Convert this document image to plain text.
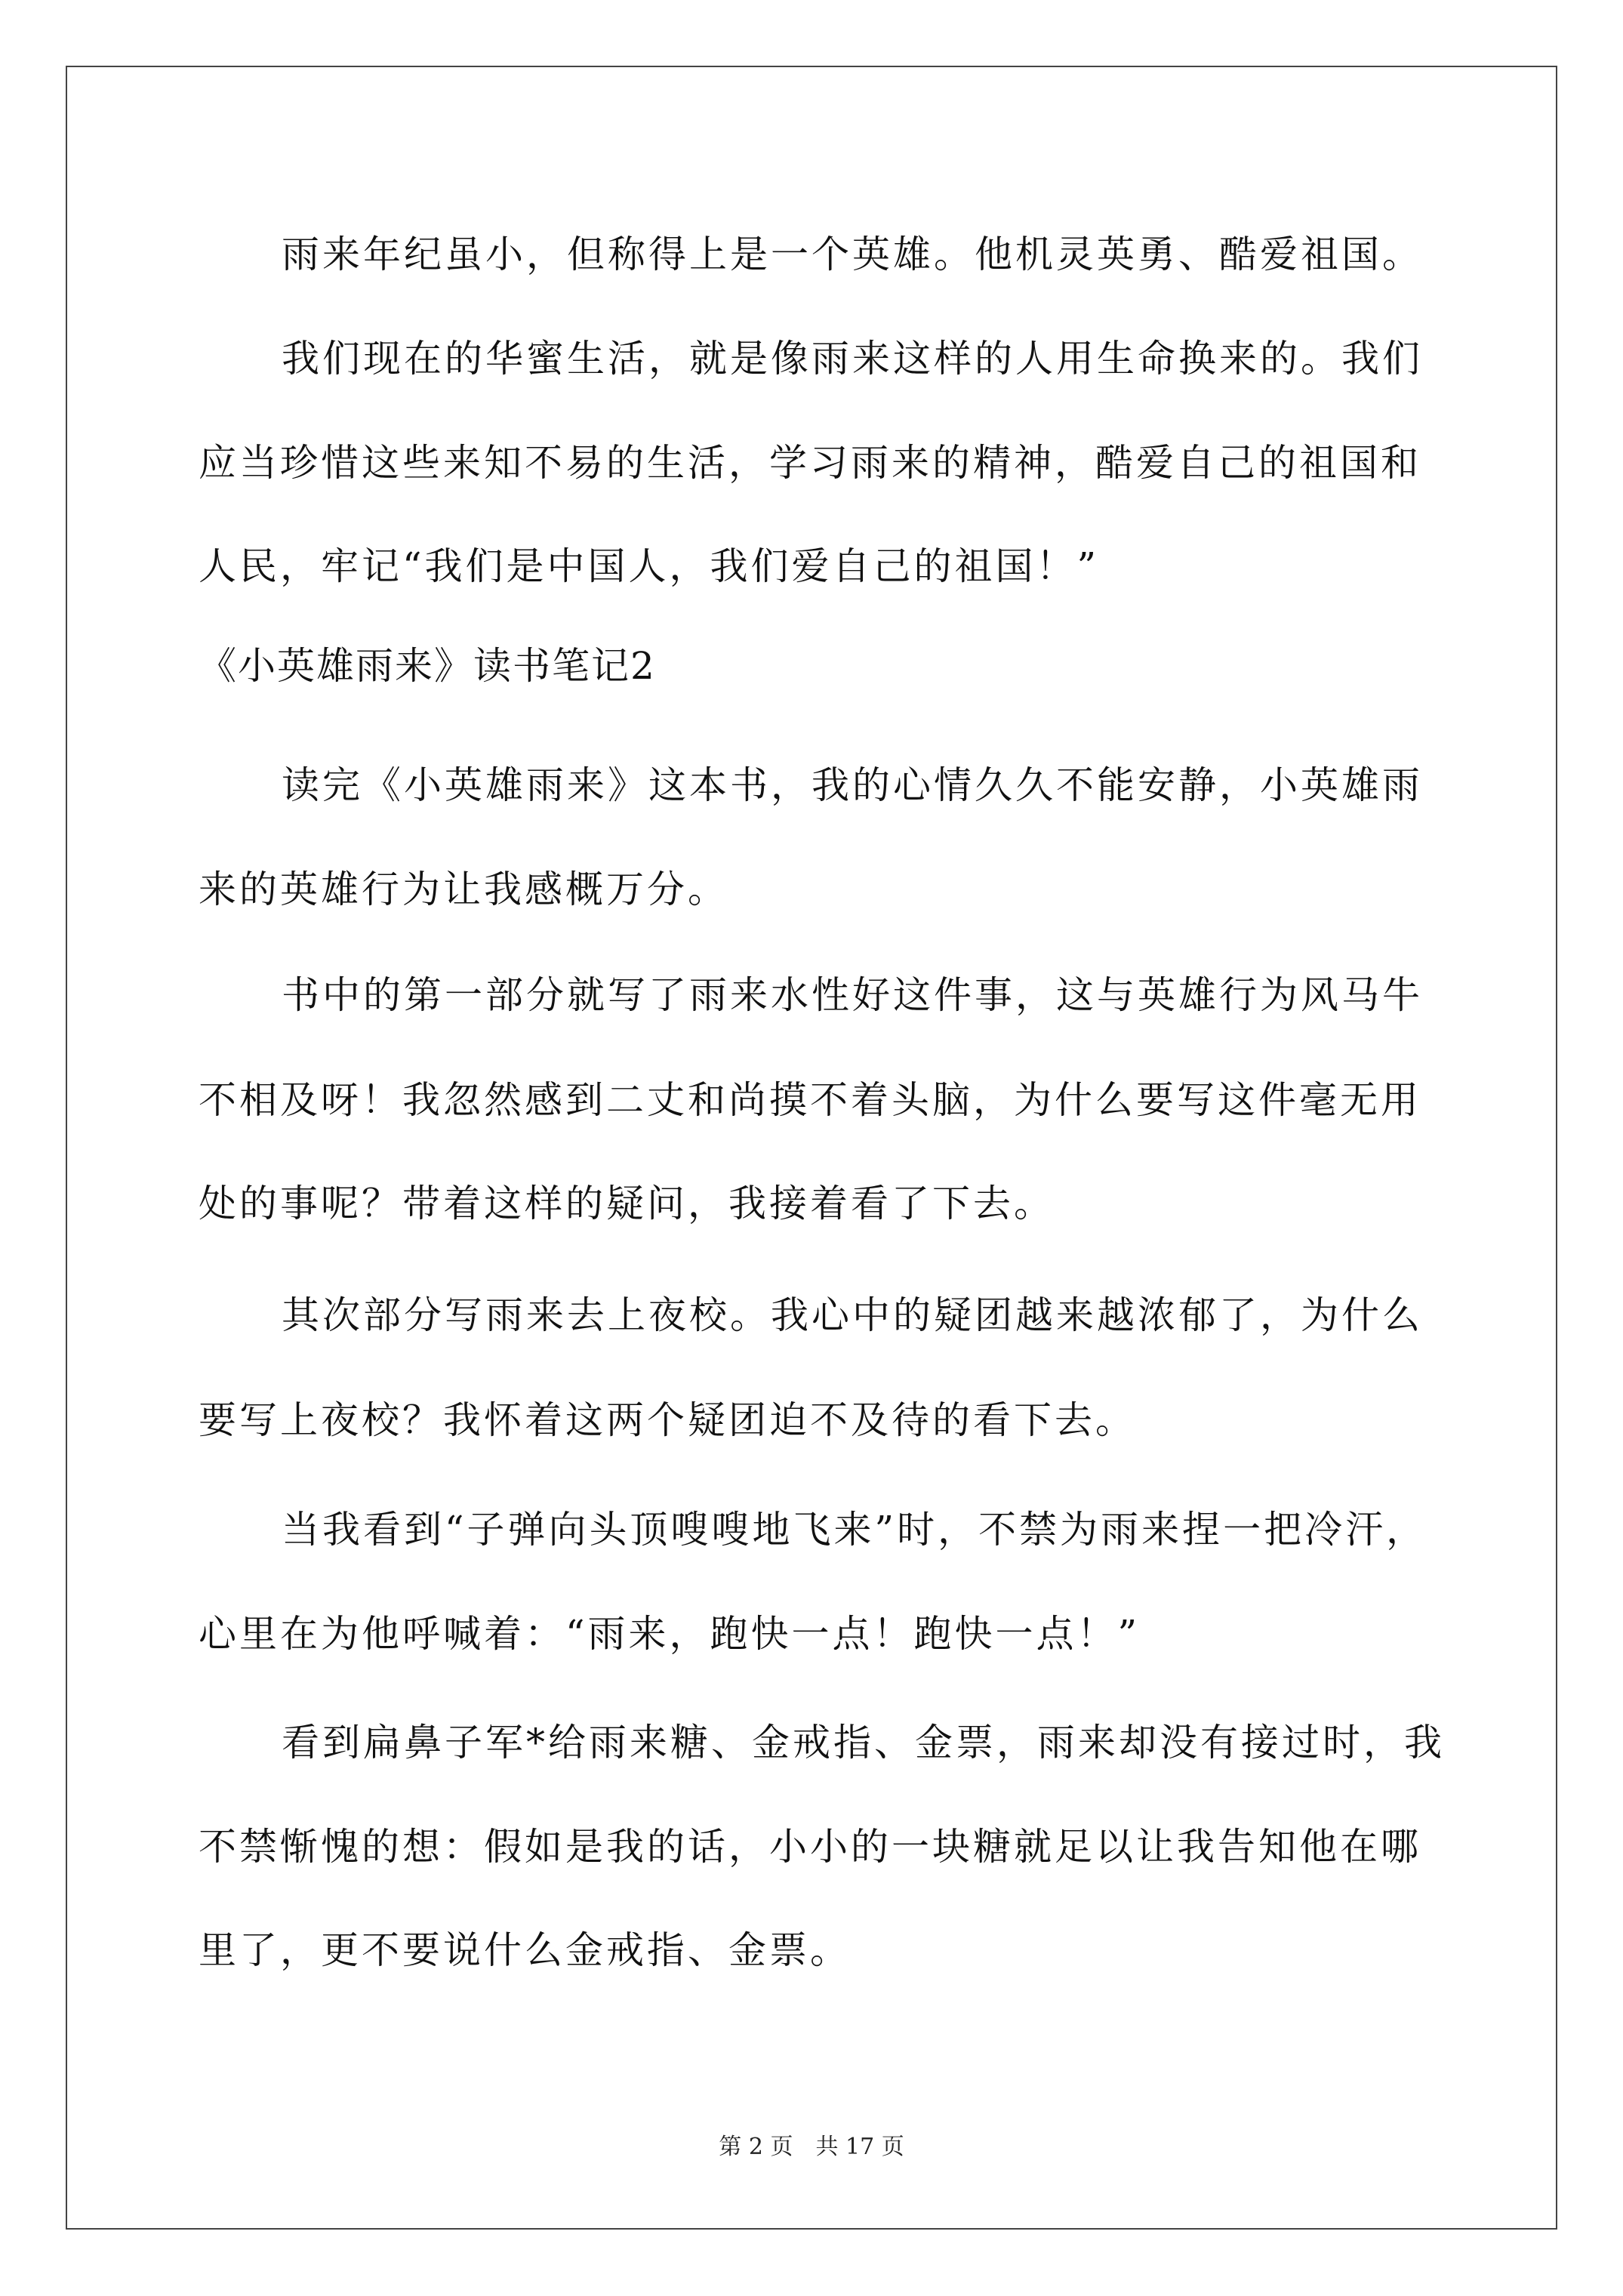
雨来年纪虽小，但称得上是一个英雄。他机灵英勇、酷爱祖国。
我们现在的华蜜生活，就是像雨来这样的人用生命换来的。我们
应当珍惜这些来知不易的生活，学习雨来的精神，酷爱自己的祖国和
人民，牢记“我们是中国人，我们爱自己的祖国！”
《小英雄雨来》读书笔记2
读完《小英雄雨来》这本书，我的心情久久不能安静，小英雄雨
来的英雄行为让我感概万分。
书中的第一部分就写了雨来水性好这件事，这与英雄行为风马牛
不相及呀！我忽然感到二丈和尚摸不着头脑，为什么要写这件毫无用
处的事呢？带着这样的疑问，我接着看了下去。
其次部分写雨来去上夜校。我心中的疑团越来越浓郁了，为什么
要写上夜校？我怀着这两个疑团迫不及待的看下去。
当我看到“子弹向头顶嗖嗖地飞来”时，不禁为雨来捏一把冷汗，
心里在为他呼喊着：“雨来，跑快一点！跑快一点！”
看到扁鼻子军*给雨来糖、金戒指、金票，雨来却没有接过时，我
不禁惭愧的想：假如是我的话，小小的一块糖就足以让我告知他在哪
里了，更不要说什么金戒指、金票。
第 2 页 共 17 页
